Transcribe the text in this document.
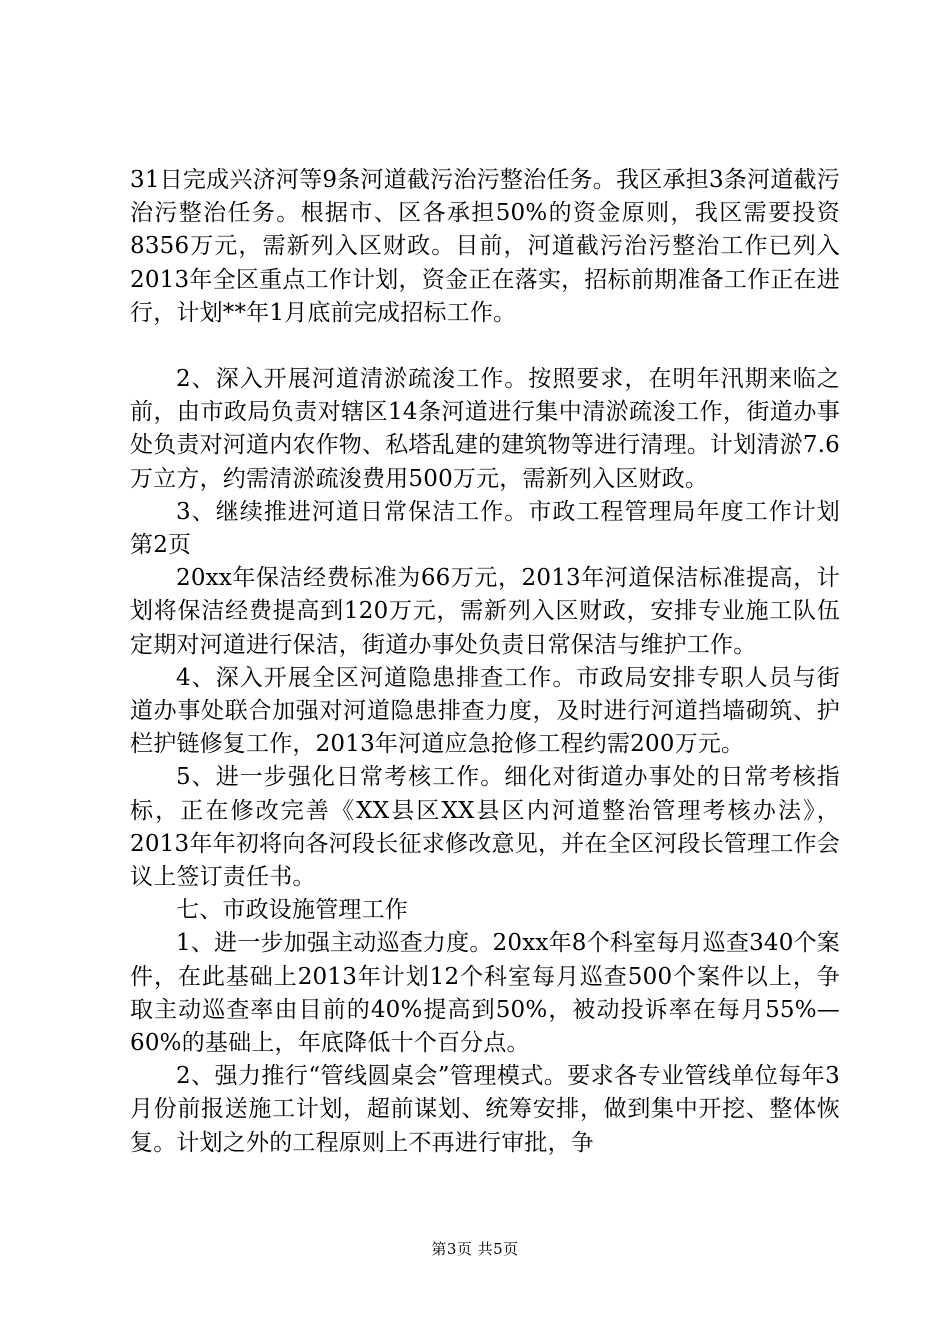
31日完成兴济河等9条河道截污治污整治任务。我区承担3条河道截污治污整治任务。根据市、区各承担50%的资金原则，我区需要投资8356万元，需新列入区财政。目前，河道截污治污整治工作已列入2013年全区重点工作计划，资金正在落实，招标前期准备工作正在进行，计划**年1月底前完成招标工作。

2、深入开展河道清淤疏浚工作。按照要求，在明年汛期来临之前，由市政局负责对辖区14条河道进行集中清淤疏浚工作，街道办事处负责对河道内农作物、私塔乱建的建筑物等进行清理。计划清淤7.6万立方，约需清淤疏浚费用500万元，需新列入区财政。

3、继续推进河道日常保洁工作。市政工程管理局年度工作计划第2页

20xx年保洁经费标准为66万元，2013年河道保洁标准提高，计划将保洁经费提高到120万元，需新列入区财政，安排专业施工队伍定期对河道进行保洁，街道办事处负责日常保洁与维护工作。

4、深入开展全区河道隐患排查工作。市政局安排专职人员与街道办事处联合加强对河道隐患排查力度，及时进行河道挡墙砌筑、护栏护链修复工作，2013年河道应急抢修工程约需200万元。

5、进一步强化日常考核工作。细化对街道办事处的日常考核指标，正在修改完善《XX县区XX县区内河道整治管理考核办法》，2013年年初将向各河段长征求修改意见，并在全区河段长管理工作会议上签订责任书。

七、市政设施管理工作

1、进一步加强主动巡查力度。20xx年8个科室每月巡查340个案件，在此基础上2013年计划12个科室每月巡查500个案件以上，争取主动巡查率由目前的40%提高到50%，被动投诉率在每月55%—60%的基础上，年底降低十个百分点。

2、强力推行“管线圆桌会”管理模式。要求各专业管线单位每年3月份前报送施工计划，超前谋划、统筹安排，做到集中开挖、整体恢复。计划之外的工程原则上不再进行审批，争

第3页 共5页
